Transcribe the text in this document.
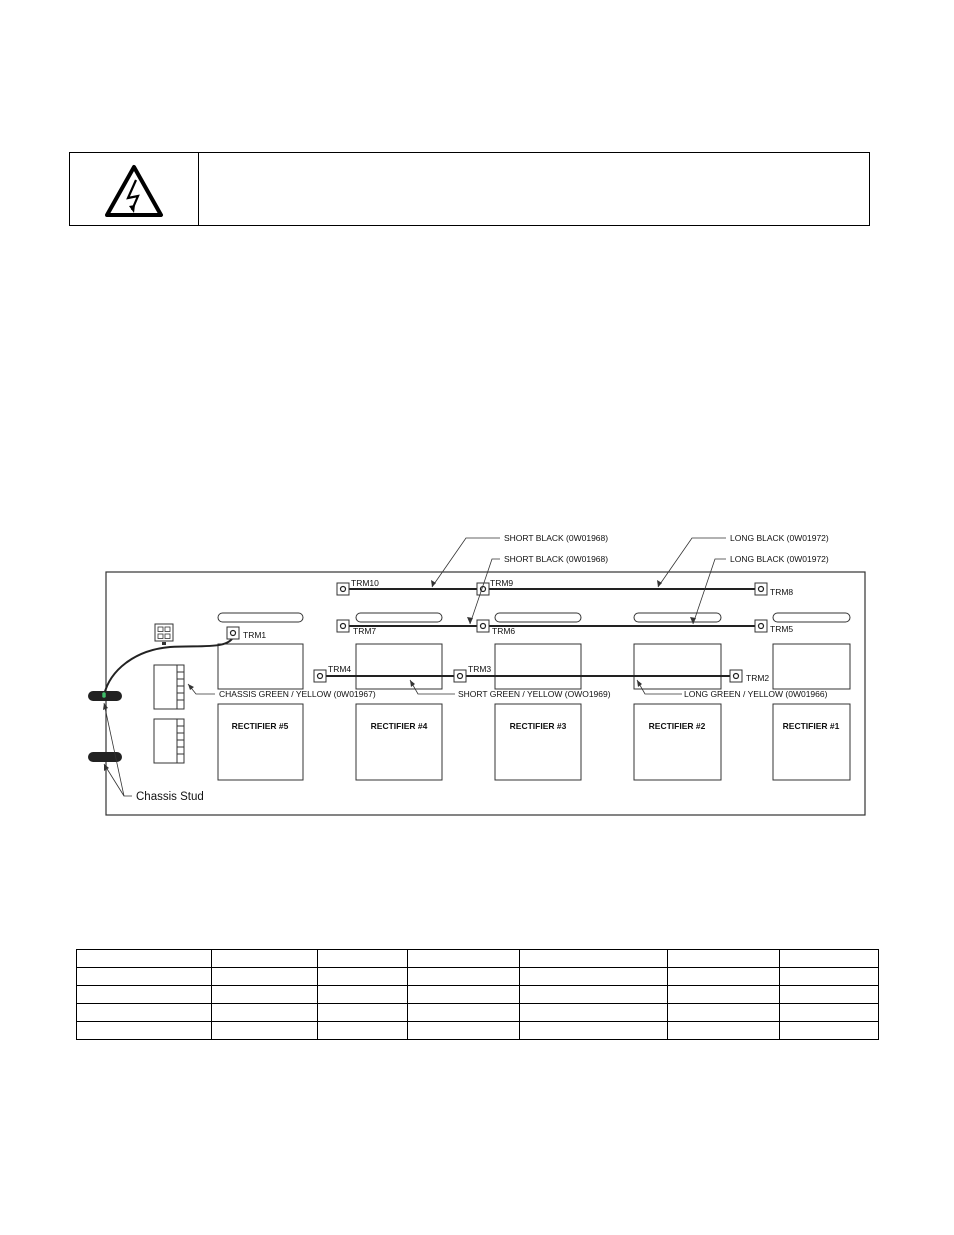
RECTIFIER #5	RECTIFIER #4	RECTIFIER #3	RECTIFIER #2	RECTIFIER #1
TRM10	TRM9
TRM8
TRM7	TRM6	TRM5
TRM1
TRM4	TRM3
TRM2
SHORT BLACK (0W01968)	LONG BLACK (0W01972)
SHORT BLACK (0W01968)	LONG BLACK (0W01972)
CHASSIS GREEN / YELLOW (0W01967)	SHORT GREEN / YELLOW (OWO1969)	LONG GREEN / YELLOW (0W01966)
Chassis Stud
